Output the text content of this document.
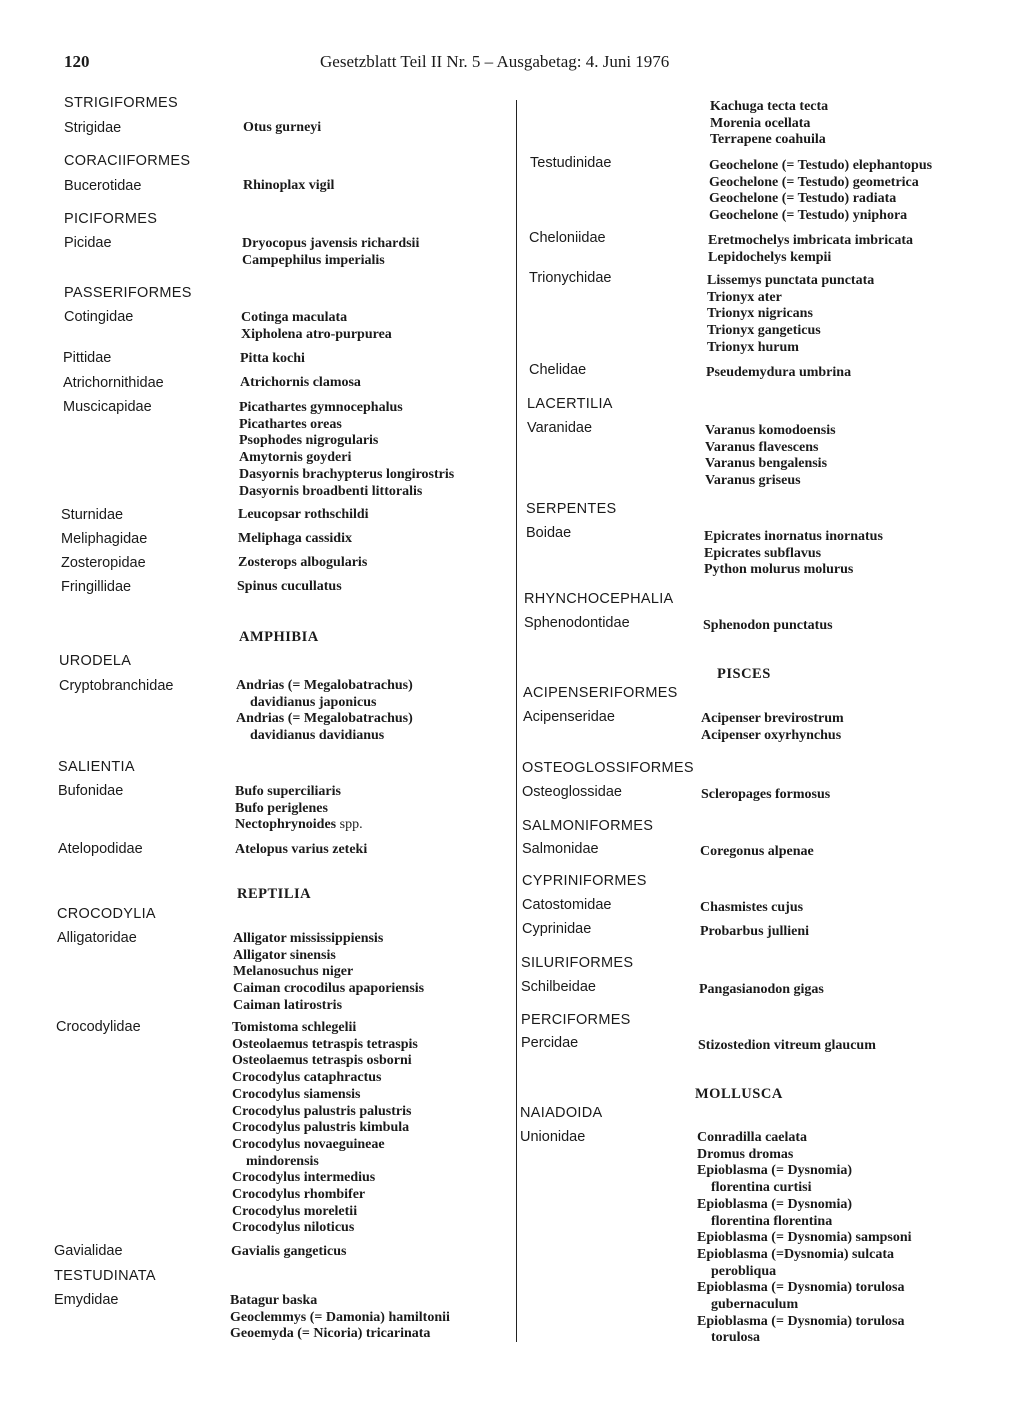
120	Gesetzblatt Teil II Nr. 5 – Ausgabetag: 4. Juni 1976
STRIGIFORMES
Strigidae	Otus gurneyi
CORACIIFORMES
Bucerotidae	Rhinoplax vigil
PICIFORMES
Picidae	Dryocopus javensis richardsii
Campephilus imperialis
PASSERIFORMES
Cotingidae	Cotinga maculata
Xipholena atro-purpurea
Pittidae	Pitta kochi
Atrichornithidae	Atrichornis clamosa
Muscicapidae	Picathartes gymnocephalus
Picathartes oreas
Psophodes nigrogularis
Amytornis goyderi
Dasyornis brachypterus longirostris
Dasyornis broadbenti littoralis
Sturnidae	Leucopsar rothschildi
Meliphagidae	Meliphaga cassidix
Zosteropidae	Zosterops albogularis
Fringillidae	Spinus cucullatus
AMPHIBIA
URODELA
Cryptobranchidae	Andrias (= Megalobatrachus)
davidianus japonicus
Andrias (= Megalobatrachus)
davidianus davidianus
SALIENTIA
Bufonidae	Bufo superciliaris
Bufo periglenes
Nectophrynoides spp.
Atelopodidae	Atelopus varius zeteki
REPTILIA
CROCODYLIA
Alligatoridae	Alligator mississippiensis
Alligator sinensis
Melanosuchus niger
Caiman crocodilus apaporiensis
Caiman latirostris
Crocodylidae	Tomistoma schlegelii
Osteolaemus tetraspis tetraspis
Osteolaemus tetraspis osborni
Crocodylus cataphractus
Crocodylus siamensis
Crocodylus palustris palustris
Crocodylus palustris kimbula
Crocodylus novaeguineae
mindorensis
Crocodylus intermedius
Crocodylus rhombifer
Crocodylus moreletii
Crocodylus niloticus
Gavialidae	Gavialis gangeticus
TESTUDINATA
Emydidae	Batagur baska
Geoclemmys (= Damonia) hamiltonii
Geoemyda (= Nicoria) tricarinata
Kachuga tecta tecta
Morenia ocellata
Terrapene coahuila
Testudinidae	Geochelone (= Testudo) elephantopus
Geochelone (= Testudo) geometrica
Geochelone (= Testudo) radiata
Geochelone (= Testudo) yniphora
Cheloniidae	Eretmochelys imbricata imbricata
Lepidochelys kempii
Trionychidae	Lissemys punctata punctata
Trionyx ater
Trionyx nigricans
Trionyx gangeticus
Trionyx hurum
Chelidae	Pseudemydura umbrina
LACERTILIA
Varanidae	Varanus komodoensis
Varanus flavescens
Varanus bengalensis
Varanus griseus
SERPENTES
Boidae	Epicrates inornatus inornatus
Epicrates subflavus
Python molurus molurus
RHYNCHOCEPHALIA
Sphenodontidae	Sphenodon punctatus
PISCES
ACIPENSERIFORMES
Acipenseridae	Acipenser brevirostrum
Acipenser oxyrhynchus
OSTEOGLOSSIFORMES
Osteoglossidae	Scleropages formosus
SALMONIFORMES
Salmonidae	Coregonus alpenae
CYPRINIFORMES
Catostomidae	Chasmistes cujus
Cyprinidae	Probarbus jullieni
SILURIFORMES
Schilbeidae	Pangasianodon gigas
PERCIFORMES
Percidae	Stizostedion vitreum glaucum
MOLLUSCA
NAIADOIDA
Unionidae	Conradilla caelata
Dromus dromas
Epioblasma (= Dysnomia)
florentina curtisi
Epioblasma (= Dysnomia)
florentina florentina
Epioblasma (= Dysnomia) sampsoni
Epioblasma (=Dysnomia) sulcata
perobliqua
Epioblasma (= Dysnomia) torulosa
gubernaculum
Epioblasma (= Dysnomia) torulosa
torulosa
